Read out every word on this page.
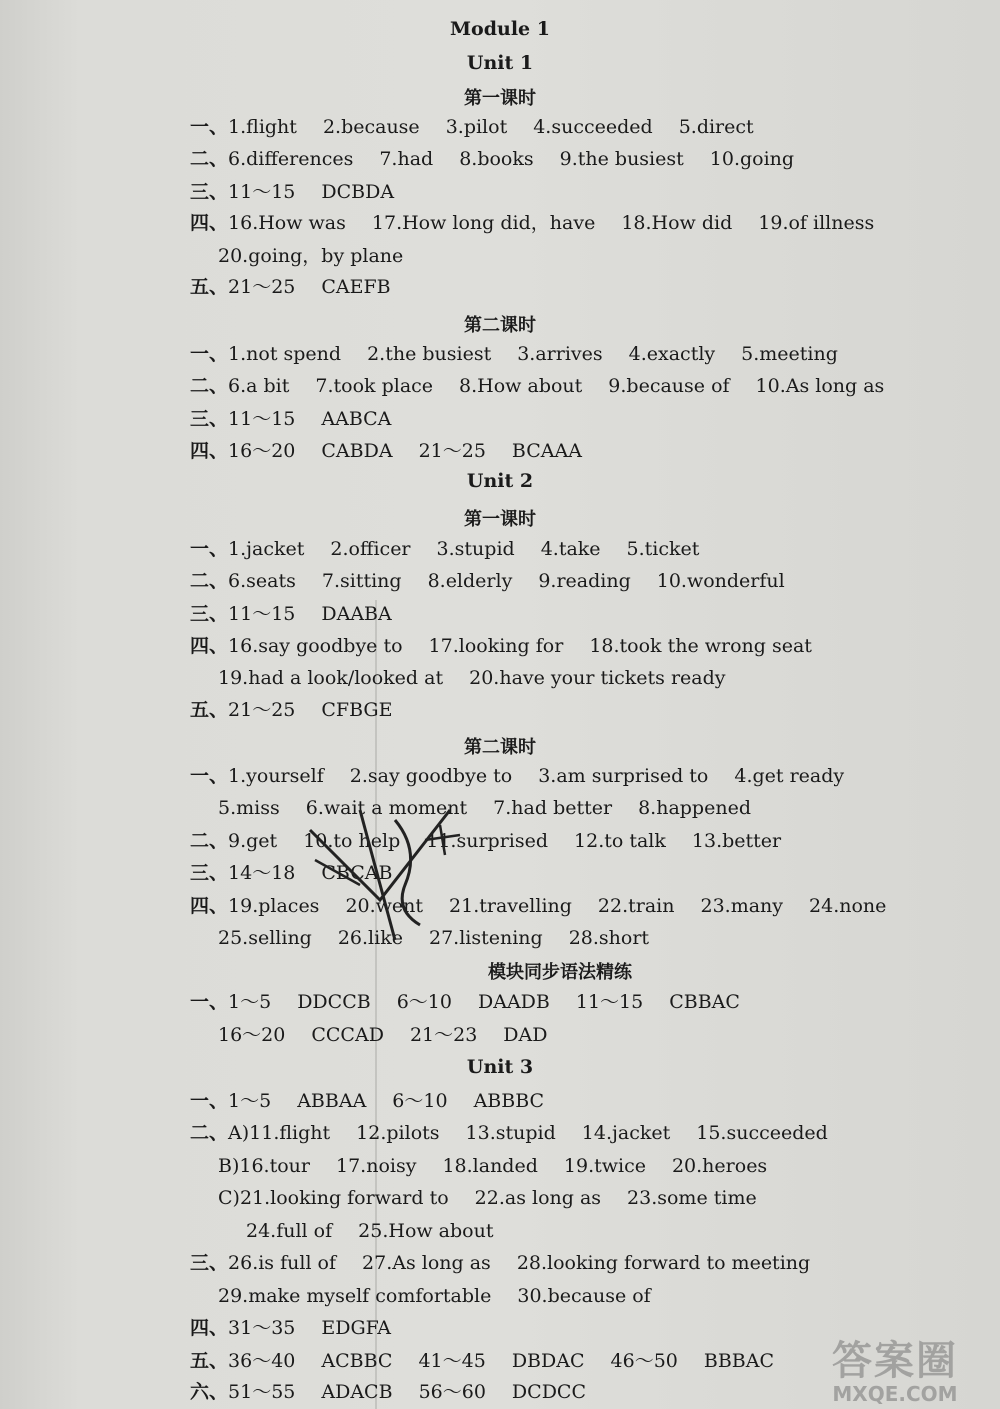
Module 1
Unit 1
第一课时
一、1.flight 2.because 3.pilot 4.succeeded 5.direct
二、6.differences 7.had 8.books 9.the busiest 10.going
三、11～15 DCBDA
四、16.How was 17.How long did，have 18.How did 19.of illness
20.going，by plane
五、21～25 CAEFB
一、1.not spend 2.the busiest 3.arrives 4.exactly 5.meeting
二、6.a bit 7.took place 8.How about 9.because of 10.As long as
三、11～15 AABCA
四、16～20 CABDA 21～25 BCAAA
一、1.jacket 2.officer 3.stupid 4.take 5.ticket
二、6.seats 7.sitting 8.elderly 9.reading 10.wonderful
三、11～15 DAABA
四、16.say goodbye to 17.looking for 18.took the wrong seat
19.had a look/looked at 20.have your tickets ready
五、21～25 CFBGE
一、1.yourself 2.say goodbye to 3.am surprised to 4.get ready
5.miss 6.wait a moment 7.had better 8.happened
二、9.get 10.to help 11.surprised 12.to talk 13.better
三、14～18 CBCAB
四、19.places 20.went 21.travelling 22.train 23.many 24.none
25.selling 26.like 27.listening 28.short
一、1～5 DDCCB 6～10 DAADB 11～15 CBBAC
16～20 CCCAD 21～23 DAD
一、1～5 ABBAA 6～10 ABBBC
二、A)11.flight 12.pilots 13.stupid 14.jacket 15.succeeded
B)16.tour 17.noisy 18.landed 19.twice 20.heroes
C)21.looking forward to 22.as long as 23.some time
24.full of 25.How about
三、26.is full of 27.As long as 28.looking forward to meeting
29.make myself comfortable 30.because of
四、31～35 EDGFA
五、36～40 ACBBC 41～45 DBDAC 46～50 BBBAC
六、51～55 ADACB 56～60 DCDCC
第二课时
Unit 2
第一课时
第二课时
模块同步语法精练
Unit 3
答案圈
MXQE.COM
